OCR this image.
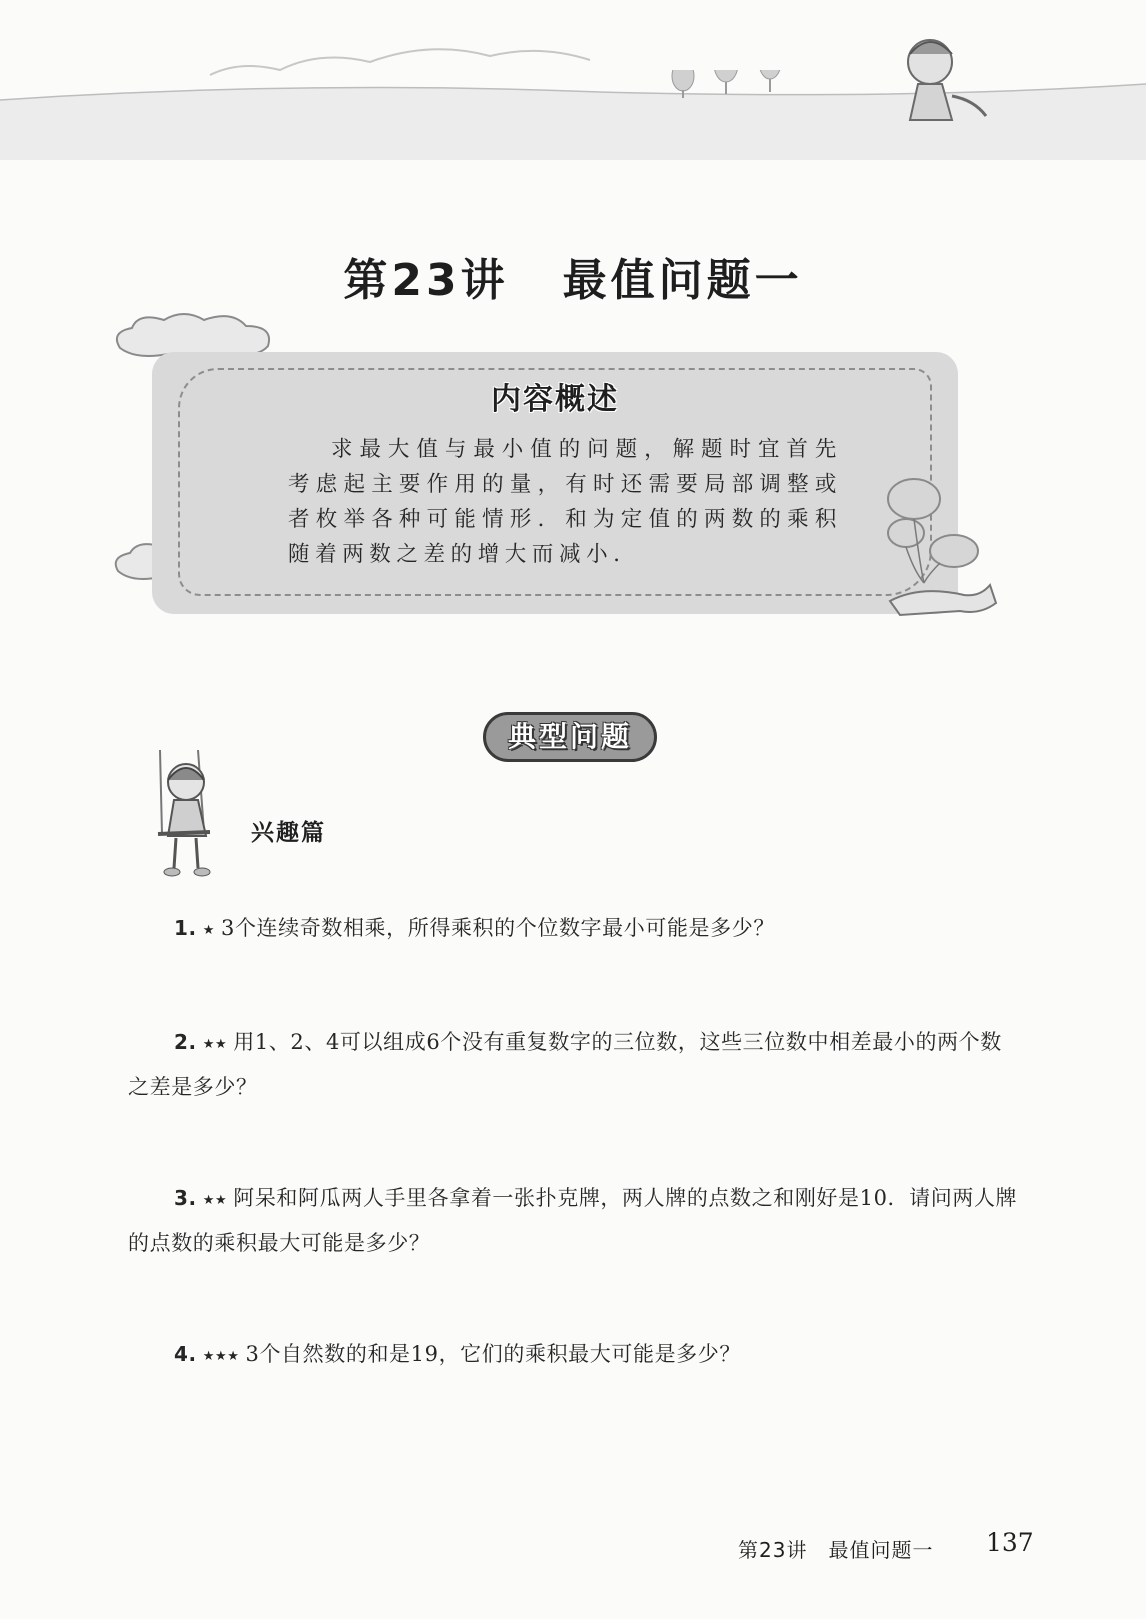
第23讲 最值问题一
内容概述
求最大值与最小值的问题，解题时宜首先考虑起主要作用的量，有时还需要局部调整或者枚举各种可能情形．和为定值的两数的乘积随着两数之差的增大而减小．
典型问题
兴趣篇
1. ★ 3个连续奇数相乘，所得乘积的个位数字最小可能是多少？
2. ★★ 用1、2、4可以组成6个没有重复数字的三位数，这些三位数中相差最小的两个数之差是多少？
3. ★★ 阿呆和阿瓜两人手里各拿着一张扑克牌，两人牌的点数之和刚好是10．请问两人牌的点数的乘积最大可能是多少？
4. ★★★ 3个自然数的和是19，它们的乘积最大可能是多少？
第23讲　最值问题一 137
